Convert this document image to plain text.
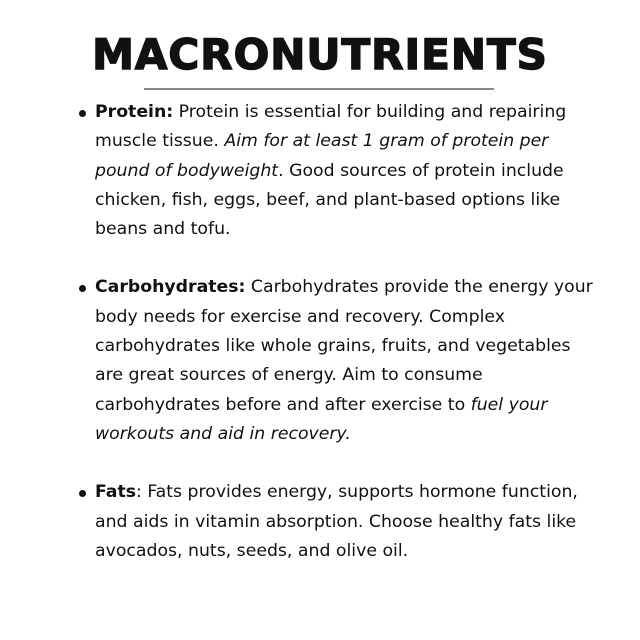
MACRONUTRIENTS
Protein: Protein is essential for building and repairing muscle tissue. Aim for at least 1 gram of protein per pound of bodyweight. Good sources of protein include chicken, fish, eggs, beef, and plant-based options like beans and tofu.
Carbohydrates: Carbohydrates provide the energy your body needs for exercise and recovery. Complex carbohydrates like whole grains, fruits, and vegetables are great sources of energy. Aim to consume carbohydrates before and after exercise to fuel your workouts and aid in recovery.
Fats: Fats provides energy, supports hormone function, and aids in vitamin absorption. Choose healthy fats like avocados, nuts, seeds, and olive oil.
